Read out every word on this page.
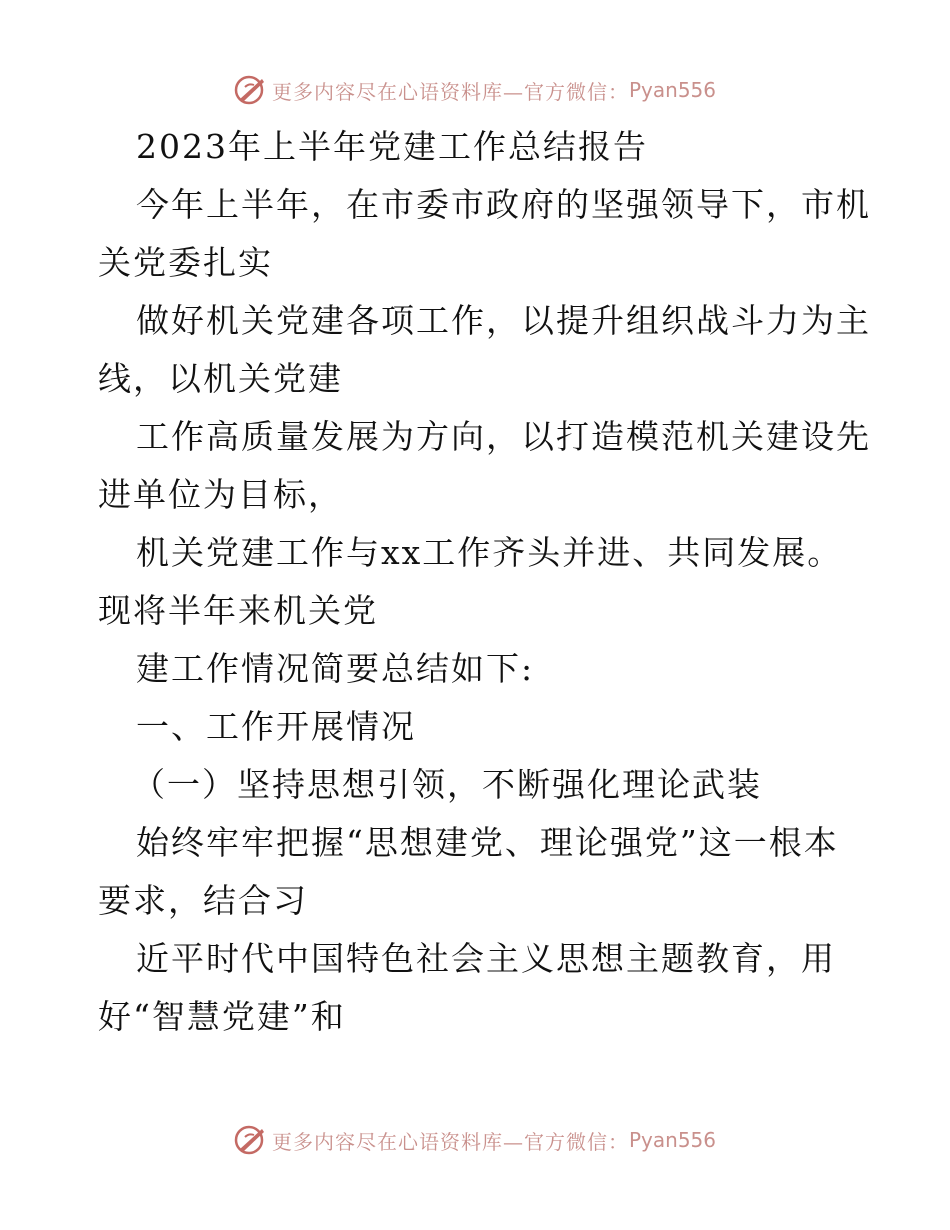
更多内容尽在心语资料库—官方微信： Pyan556
2023年上半年党建工作总结报告
今年上半年，在市委市政府的坚强领导下，市机
关党委扎实
做好机关党建各项工作，以提升组织战斗力为主
线，以机关党建
工作高质量发展为方向，以打造模范机关建设先
进单位为目标，
机关党建工作与xx工作齐头并进、共同发展。
现将半年来机关党
建工作情况简要总结如下:
一、工作开展情况
（一）坚持思想引领，不断强化理论武装
始终牢牢把握“思想建党、理论强党”这一根本
要求，结合习
近平时代中国特色社会主义思想主题教育，用
好“智慧党建”和
更多内容尽在心语资料库—官方微信： Pyan556
